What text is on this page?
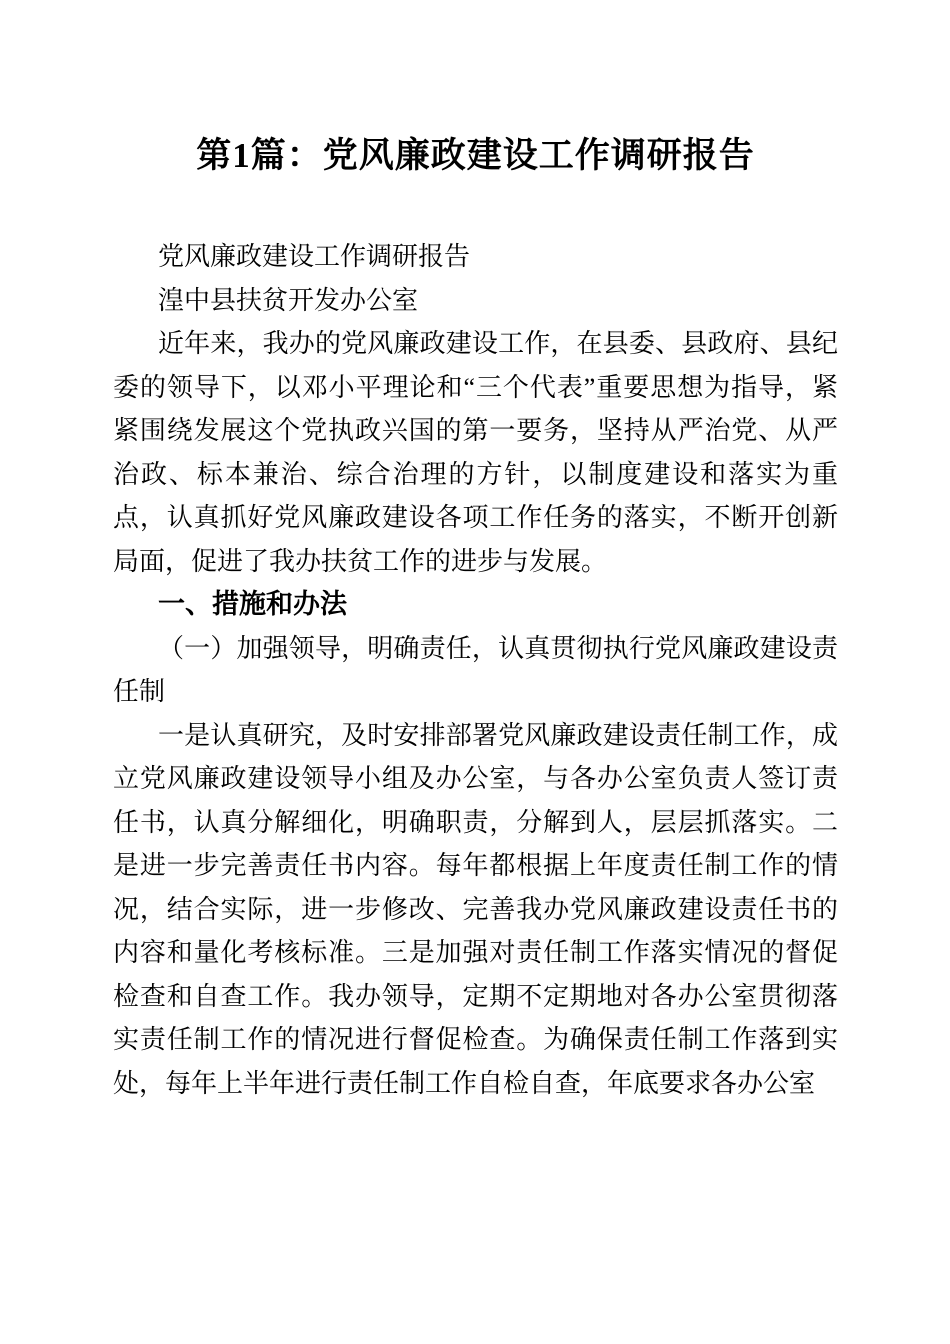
第1篇：党风廉政建设工作调研报告

党风廉政建设工作调研报告

湟中县扶贫开发办公室

近年来，我办的党风廉政建设工作，在县委、县政府、县纪委的领导下，以邓小平理论和“三个代表”重要思想为指导，紧紧围绕发展这个党执政兴国的第一要务，坚持从严治党、从严治政、标本兼治、综合治理的方针，以制度建设和落实为重点，认真抓好党风廉政建设各项工作任务的落实，不断开创新局面，促进了我办扶贫工作的进步与发展。

一、措施和办法

（一）加强领导，明确责任，认真贯彻执行党风廉政建设责任制

一是认真研究，及时安排部署党风廉政建设责任制工作，成立党风廉政建设领导小组及办公室，与各办公室负责人签订责任书，认真分解细化，明确职责，分解到人，层层抓落实。二是进一步完善责任书内容。每年都根据上年度责任制工作的情况，结合实际，进一步修改、完善我办党风廉政建设责任书的内容和量化考核标准。三是加强对责任制工作落实情况的督促检查和自查工作。我办领导，定期不定期地对各办公室贯彻落实责任制工作的情况进行督促检查。为确保责任制工作落到实处，每年上半年进行责任制工作自检自查，年底要求各办公室
